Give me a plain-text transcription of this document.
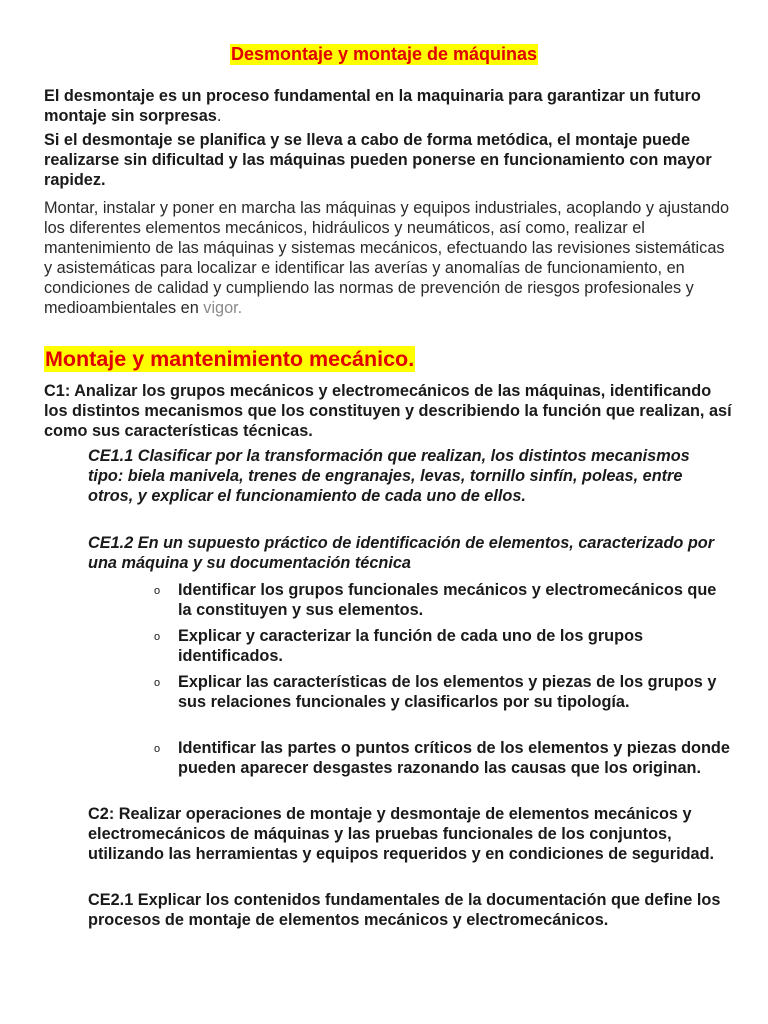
Desmontaje y montaje de máquinas
El desmontaje es un proceso fundamental en la maquinaria para garantizar un futuro montaje sin sorpresas.
Si el desmontaje se planifica y se lleva a cabo de forma metódica, el montaje puede realizarse sin dificultad y las máquinas pueden ponerse en funcionamiento con mayor rapidez.
Montar, instalar y poner en marcha las máquinas y equipos industriales, acoplando y ajustando los diferentes elementos mecánicos, hidráulicos y neumáticos, así como, realizar el mantenimiento de las máquinas y sistemas mecánicos, efectuando las revisiones sistemáticas y asistemáticas para localizar e identificar las averías y anomalías de funcionamiento, en condiciones de calidad y cumpliendo las normas de prevención de riesgos profesionales y medioambientales en vigor.
Montaje y mantenimiento mecánico.
C1: Analizar los grupos mecánicos y electromecánicos de las máquinas, identificando los distintos mecanismos que los constituyen y describiendo la función que realizan, así como sus características técnicas.
CE1.1 Clasificar por la transformación que realizan, los distintos mecanismos tipo: biela manivela, trenes de engranajes, levas, tornillo sinfín, poleas, entre otros, y explicar el funcionamiento de cada uno de ellos.
CE1.2 En un supuesto práctico de identificación de elementos, caracterizado por una máquina y su documentación técnica
o Identificar los grupos funcionales mecánicos y electromecánicos que la constituyen y sus elementos.
o Explicar y caracterizar la función de cada uno de los grupos identificados.
o Explicar las características de los elementos y piezas de los grupos y sus relaciones funcionales y clasificarlos por su tipología.
o Identificar las partes o puntos críticos de los elementos y piezas donde pueden aparecer desgastes razonando las causas que los originan.
C2: Realizar operaciones de montaje y desmontaje de elementos mecánicos y electromecánicos de máquinas y las pruebas funcionales de los conjuntos, utilizando las herramientas y equipos requeridos y en condiciones de seguridad.
CE2.1 Explicar los contenidos fundamentales de la documentación que define los procesos de montaje de elementos mecánicos y electromecánicos.
